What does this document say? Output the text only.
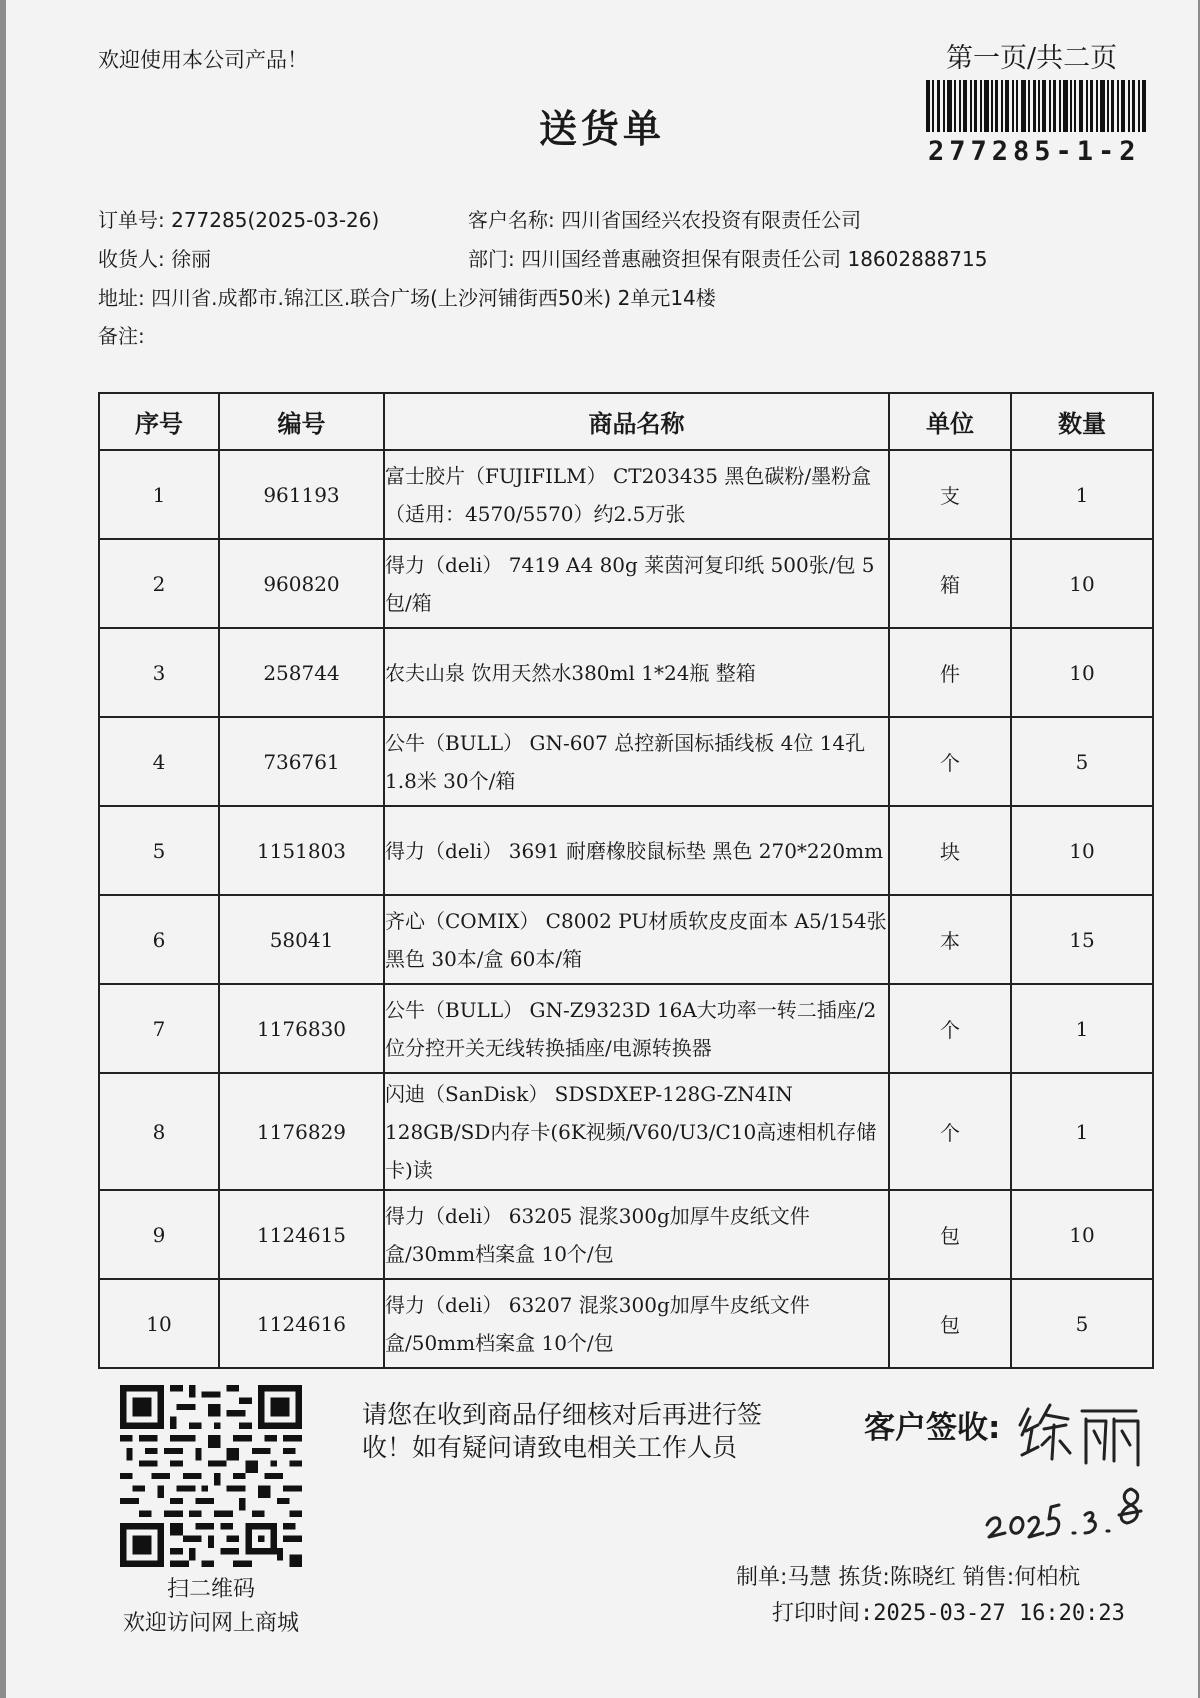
欢迎使用本公司产品！
送货单
第一页/共二页
277285-1-2
订单号: 277285(2025-03-26)	客户名称: 四川省国经兴农投资有限责任公司
收货人: 徐丽	部门: 四川国经普惠融资担保有限责任公司 18602888715
地址: 四川省.成都市.锦江区.联合广场(上沙河铺街西50米) 2单元14楼
备注:
序号	编号	商品名称	单位	数量
1	961193	富士胶片（FUJIFILM） CT203435 黑色碳粉/墨粉盒（适用：4570/5570）约2.5万张	支	1
2	960820	得力（deli） 7419 A4 80g 莱茵河复印纸 500张/包 5包/箱	箱	10
3	258744	农夫山泉 饮用天然水380ml 1*24瓶 整箱	件	10
4	736761	公牛（BULL） GN-607 总控新国标插线板 4位 14孔 1.8米 30个/箱	个	5
5	1151803	得力（deli） 3691 耐磨橡胶鼠标垫 黑色 270*220mm	块	10
6	58041	齐心（COMIX） C8002 PU材质软皮皮面本 A5/154张 黑色 30本/盒 60本/箱	本	15
7	1176830	公牛（BULL） GN-Z9323D 16A大功率一转二插座/2位分控开关无线转换插座/电源转换器	个	1
8	1176829	闪迪（SanDisk） SDSDXEP-128G-ZN4IN 128GB/SD内存卡(6K视频/V60/U3/C10高速相机存储卡)读	个	1
9	1124615	得力（deli） 63205 混浆300g加厚牛皮纸文件盒/30mm档案盒 10个/包	包	10
10	1124616	得力（deli） 63207 混浆300g加厚牛皮纸文件盒/50mm档案盒 10个/包	包	5
扫二维码
欢迎访问网上商城
请您在收到商品仔细核对后再进行签收！如有疑问请致电相关工作人员
客户签收:
制单:马慧 拣货:陈晓红 销售:何柏杭
打印时间:2025-03-27 16:20:23
